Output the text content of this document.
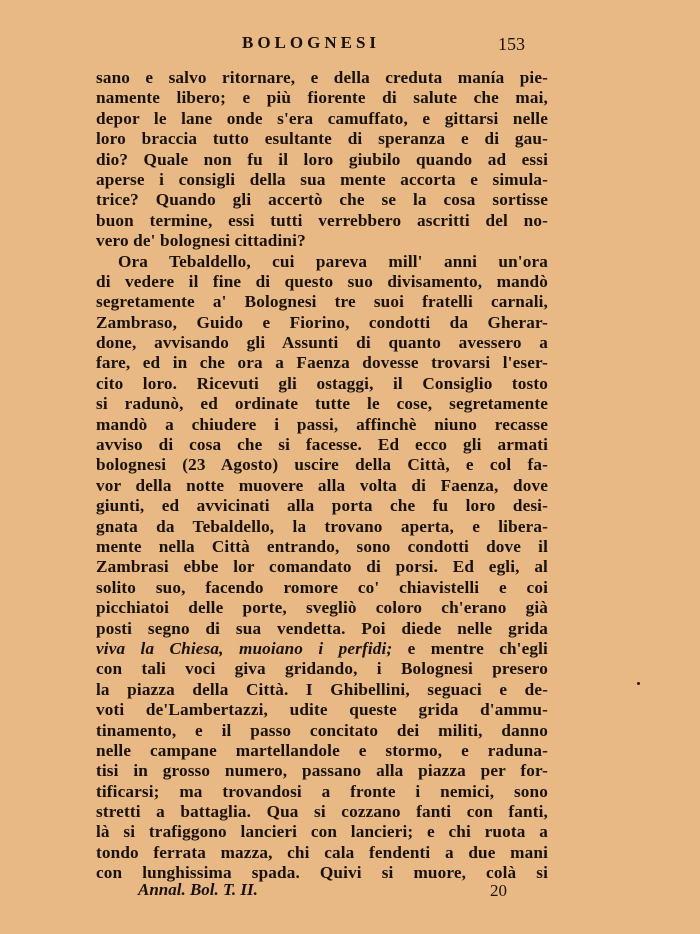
BOLOGNESI	153
sano e salvo ritornare, e della creduta manía pie-
namente libero; e più fiorente di salute che mai,
depor le lane onde s'era camuffato, e gittarsi nelle
loro braccia tutto esultante di speranza e di gau-
dio? Quale non fu il loro giubilo quando ad essi
aperse i consigli della sua mente accorta e simula-
trice? Quando gli accertò che se la cosa sortisse
buon termine, essi tutti verrebbero ascritti del no-
vero de' bolognesi cittadini?
Ora Tebaldello, cui pareva mill' anni un'ora
di vedere il fine di questo suo divisamento, mandò
segretamente a' Bolognesi tre suoi fratelli carnali,
Zambraso, Guido e Fiorino, condotti da Gherar-
done, avvisando gli Assunti di quanto avessero a
fare, ed in che ora a Faenza dovesse trovarsi l'eser-
cito loro. Ricevuti gli ostaggi, il Consiglio tosto
si radunò, ed ordinate tutte le cose, segretamente
mandò a chiudere i passi, affinchè niuno recasse
avviso di cosa che si facesse. Ed ecco gli armati
bolognesi (23 Agosto) uscire della Città, e col fa-
vor della notte muovere alla volta di Faenza, dove
giunti, ed avvicinati alla porta che fu loro desi-
gnata da Tebaldello, la trovano aperta, e libera-
mente nella Città entrando, sono condotti dove il
Zambrasi ebbe lor comandato di porsi. Ed egli, al
solito suo, facendo romore co' chiavistelli e coi
picchiatoi delle porte, svegliò coloro ch'erano già
posti segno di sua vendetta. Poi diede nelle grida
viva la Chiesa, muoiano i perfidi; e mentre ch'egli
con tali voci giva gridando, i Bolognesi presero
la piazza della Città. I Ghibellini, seguaci e de-
voti de'Lambertazzi, udite queste grida d'ammu-
tinamento, e il passo concitato dei militi, danno
nelle campane martellandole e stormo, e raduna-
tisi in grosso numero, passano alla piazza per for-
tificarsi; ma trovandosi a fronte i nemici, sono
stretti a battaglia. Qua si cozzano fanti con fanti,
là si trafiggono lancieri con lancieri; e chi ruota a
tondo ferrata mazza, chi cala fendenti a due mani
con lunghissima spada. Quivi si muore, colà si
Annal. Bol. T. II.	20
